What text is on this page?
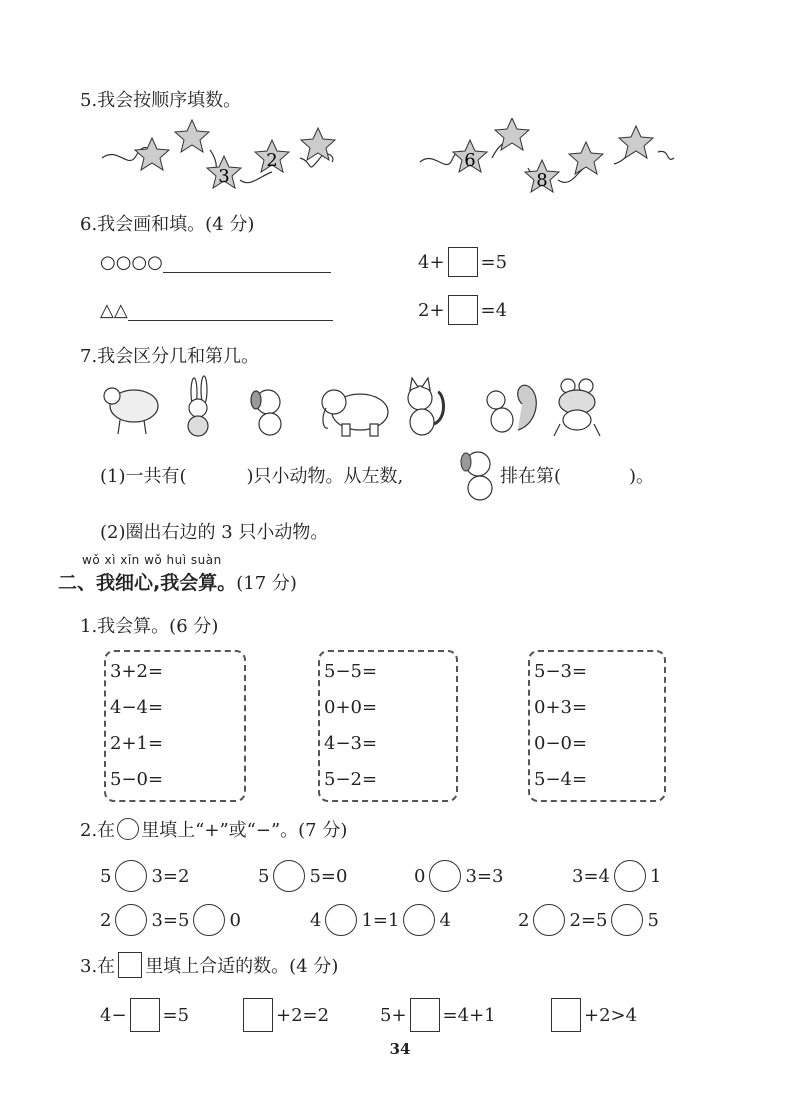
5.我会按顺序填数。
3
2	6
8
6.我会画和填。(4 分)
○○○○	4+ =5
△△	2+ =4
7.我会区分几和第几。
(1)一共有(	)只小动物。从左数,	排在第(	)。
(2)圈出右边的 3 只小动物。
wǒ xì xīn wǒ huì suàn
二、我细心,我会算。(17 分)
1.我会算。(6 分)
3+2=
4−4=
2+1=
5−0=
5−5=
0+0=
4−3=
5−2=
5−3=
0+3=
0−0=
5−4=
2.在 里填上“+”或“−”。(7 分)
5 3=2	5 5=0	0 3=3	3=4 1
2 3=5 0	4 1=1 4	2 2=5 5
3.在 里填上合适的数。(4 分)
4− =5	+2=2	5+ =4+1	+2>4
34
